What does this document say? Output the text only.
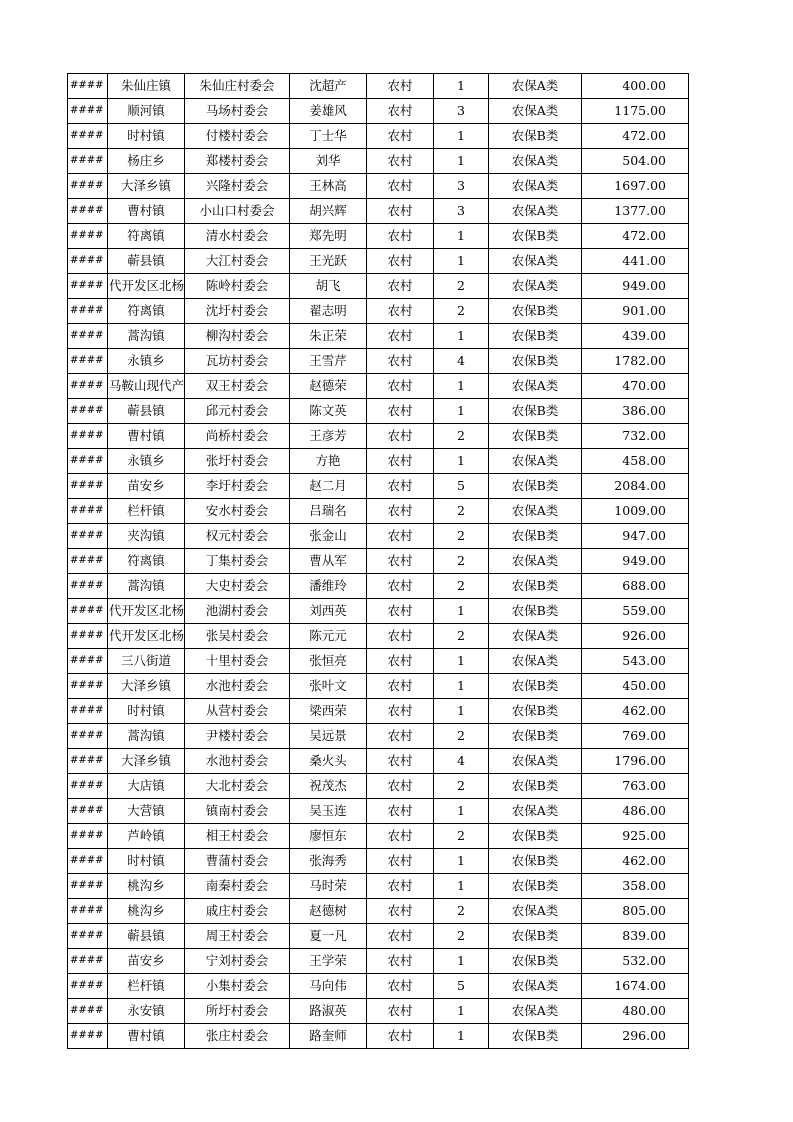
####	朱仙庄镇	朱仙庄村委会	沈超产	农村	1	农保A类	400.00
####	顺河镇	马场村委会	姜雄风	农村	3	农保A类	1175.00
####	时村镇	付楼村委会	丁士华	农村	1	农保B类	472.00
####	杨庄乡	郑楼村委会	刘华	农村	1	农保A类	504.00
####	大泽乡镇	兴隆村委会	王林高	农村	3	农保A类	1697.00
####	曹村镇	小山口村委会	胡兴辉	农村	3	农保A类	1377.00
####	符离镇	清水村委会	郑先明	农村	1	农保B类	472.00
####	蕲县镇	大江村委会	王光跃	农村	1	农保A类	441.00
####	代开发区北杨	陈岭村委会	胡飞	农村	2	农保A类	949.00
####	符离镇	沈圩村委会	翟志明	农村	2	农保B类	901.00
####	蒿沟镇	柳沟村委会	朱正荣	农村	1	农保B类	439.00
####	永镇乡	瓦坊村委会	王雪芹	农村	4	农保B类	1782.00
####	马鞍山现代产	双王村委会	赵德荣	农村	1	农保A类	470.00
####	蕲县镇	邱元村委会	陈文英	农村	1	农保B类	386.00
####	曹村镇	尚桥村委会	王彦芳	农村	2	农保B类	732.00
####	永镇乡	张圩村委会	方艳	农村	1	农保A类	458.00
####	苗安乡	李圩村委会	赵二月	农村	5	农保B类	2084.00
####	栏杆镇	安水村委会	吕瑞名	农村	2	农保A类	1009.00
####	夹沟镇	权元村委会	张金山	农村	2	农保B类	947.00
####	符离镇	丁集村委会	曹从军	农村	2	农保A类	949.00
####	蒿沟镇	大史村委会	潘维玲	农村	2	农保B类	688.00
####	代开发区北杨	池湖村委会	刘西英	农村	1	农保B类	559.00
####	代开发区北杨	张吴村委会	陈元元	农村	2	农保A类	926.00
####	三八街道	十里村委会	张恒亮	农村	1	农保A类	543.00
####	大泽乡镇	水池村委会	张叶文	农村	1	农保B类	450.00
####	时村镇	从营村委会	梁西荣	农村	1	农保B类	462.00
####	蒿沟镇	尹楼村委会	吴远景	农村	2	农保B类	769.00
####	大泽乡镇	水池村委会	桑火头	农村	4	农保A类	1796.00
####	大店镇	大北村委会	祝茂杰	农村	2	农保B类	763.00
####	大营镇	镇南村委会	吴玉连	农村	1	农保A类	486.00
####	芦岭镇	相王村委会	廖恒东	农村	2	农保B类	925.00
####	时村镇	曹蒲村委会	张海秀	农村	1	农保B类	462.00
####	桃沟乡	南秦村委会	马时荣	农村	1	农保B类	358.00
####	桃沟乡	戚庄村委会	赵德树	农村	2	农保A类	805.00
####	蕲县镇	周王村委会	夏一凡	农村	2	农保B类	839.00
####	苗安乡	宁刘村委会	王学荣	农村	1	农保B类	532.00
####	栏杆镇	小集村委会	马向伟	农村	5	农保A类	1674.00
####	永安镇	所圩村委会	路淑英	农村	1	农保A类	480.00
####	曹村镇	张庄村委会	路奎师	农村	1	农保B类	296.00
